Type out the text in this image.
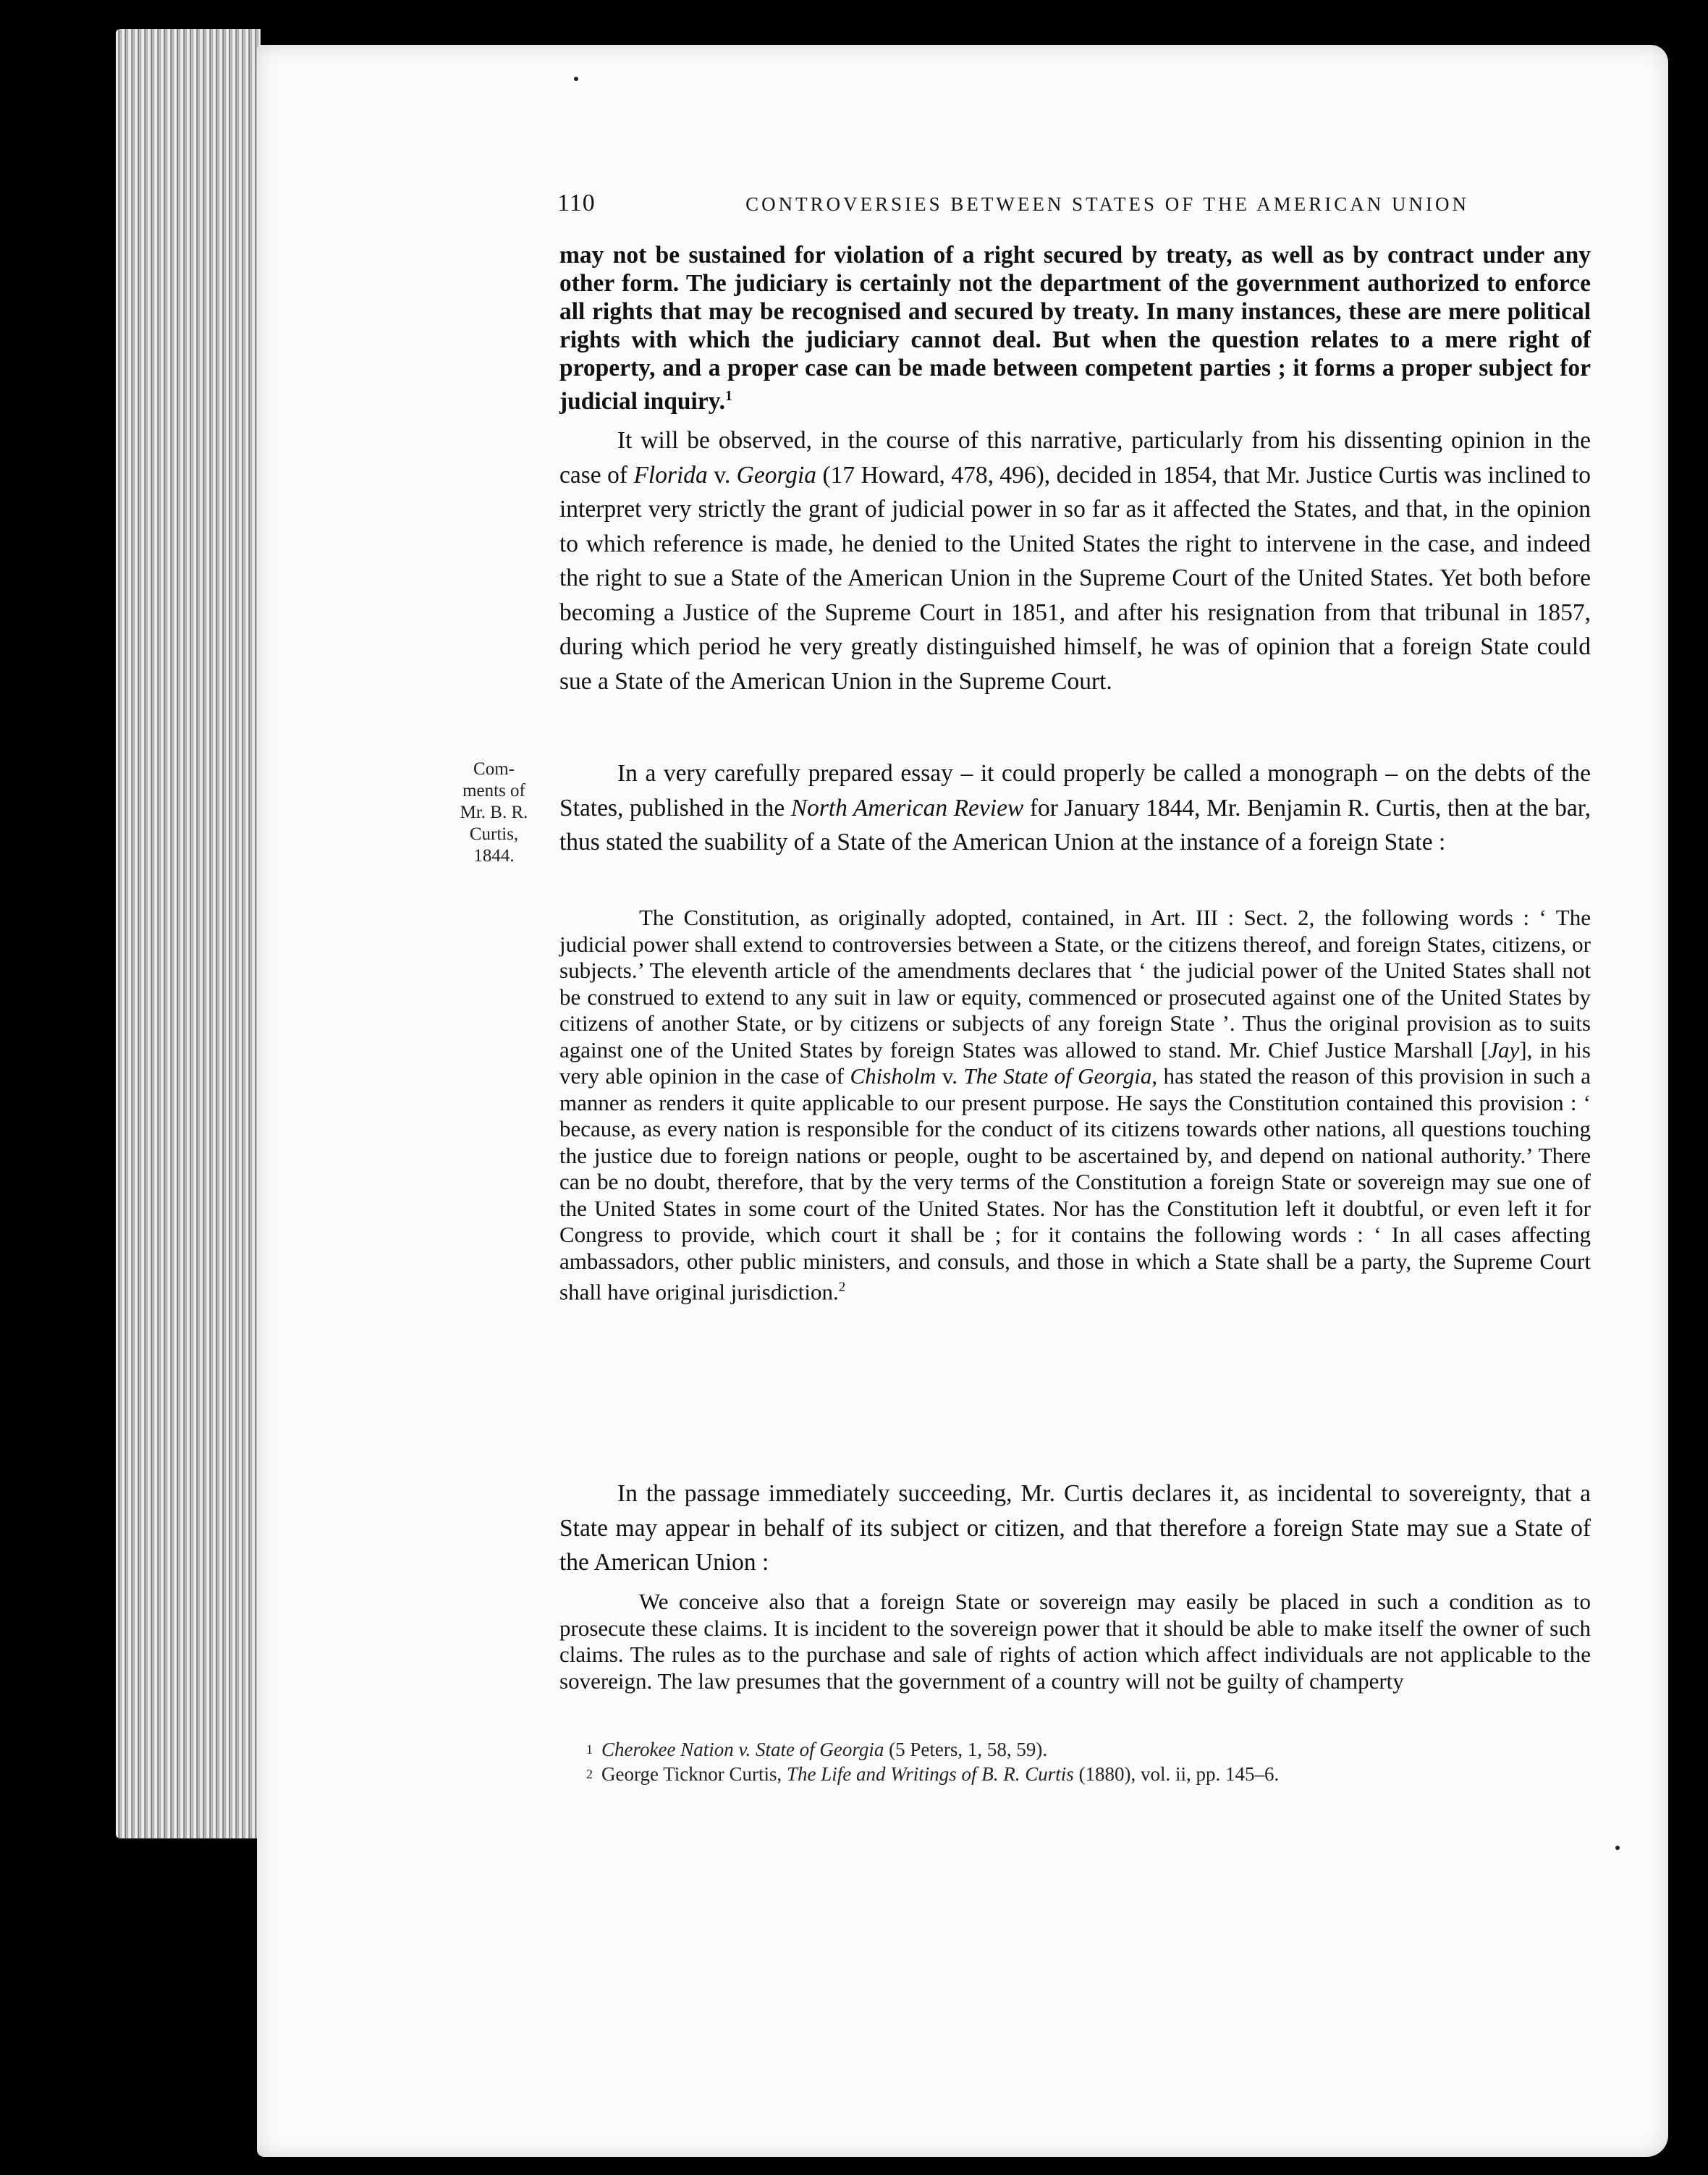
110	CONTROVERSIES BETWEEN STATES OF THE AMERICAN UNION

may not be sustained for violation of a right secured by treaty, as well as by contract under any other form. The judiciary is certainly not the department of the government authorized to enforce all rights that may be recognised and secured by treaty. In many instances, these are mere political rights with which the judiciary cannot deal. But when the question relates to a mere right of property, and a proper case can be made between competent parties ; it forms a proper subject for judicial inquiry.$^1$

It will be observed, in the course of this narrative, particularly from his dissenting opinion in the case of Florida v. Georgia (17 Howard, 478, 496), decided in 1854, that Mr. Justice Curtis was inclined to interpret very strictly the grant of judicial power in so far as it affected the States, and that, in the opinion to which reference is made, he denied to the United States the right to intervene in the case, and indeed the right to sue a State of the American Union in the Supreme Court of the United States. Yet both before becoming a Justice of the Supreme Court in 1851, and after his resignation from that tribunal in 1857, during which period he very greatly distinguished himself, he was of opinion that a foreign State could sue a State of the American Union in the Supreme Court.

Com-
ments of
Mr. B. R.
Curtis,
1844.

In a very carefully prepared essay – it could properly be called a monograph – on the debts of the States, published in the North American Review for January 1844, Mr. Benjamin R. Curtis, then at the bar, thus stated the suability of a State of the American Union at the instance of a foreign State :

The Constitution, as originally adopted, contained, in Art. III : Sect. 2, the following words : ‘ The judicial power shall extend to controversies between a State, or the citizens thereof, and foreign States, citizens, or subjects.’ The eleventh article of the amendments declares that ‘ the judicial power of the United States shall not be construed to extend to any suit in law or equity, commenced or prosecuted against one of the United States by citizens of another State, or by citizens or subjects of any foreign State ’. Thus the original provision as to suits against one of the United States by foreign States was allowed to stand. Mr. Chief Justice Marshall [Jay], in his very able opinion in the case of Chisholm v. The State of Georgia, has stated the reason of this provision in such a manner as renders it quite applicable to our present purpose. He says the Constitution contained this provision : ‘ because, as every nation is responsible for the conduct of its citizens towards other nations, all questions touching the justice due to foreign nations or people, ought to be ascertained by, and depend on national authority.’ There can be no doubt, therefore, that by the very terms of the Constitution a foreign State or sovereign may sue one of the United States in some court of the United States. Nor has the Constitution left it doubtful, or even left it for Congress to provide, which court it shall be ; for it contains the following words : ‘ In all cases affecting ambassadors, other public ministers, and consuls, and those in which a State shall be a party, the Supreme Court shall have original jurisdiction.$^2$

In the passage immediately succeeding, Mr. Curtis declares it, as incidental to sovereignty, that a State may appear in behalf of its subject or citizen, and that therefore a foreign State may sue a State of the American Union :

We conceive also that a foreign State or sovereign may easily be placed in such a condition as to prosecute these claims. It is incident to the sovereign power that it should be able to make itself the owner of such claims. The rules as to the purchase and sale of rights of action which affect individuals are not applicable to the sovereign. The law presumes that the government of a country will not be guilty of champerty

$^1$ Cherokee Nation v. State of Georgia (5 Peters, 1, 58, 59).

$^2$ George Ticknor Curtis, The Life and Writings of B. R. Curtis (1880), vol. ii, pp. 145–6.
